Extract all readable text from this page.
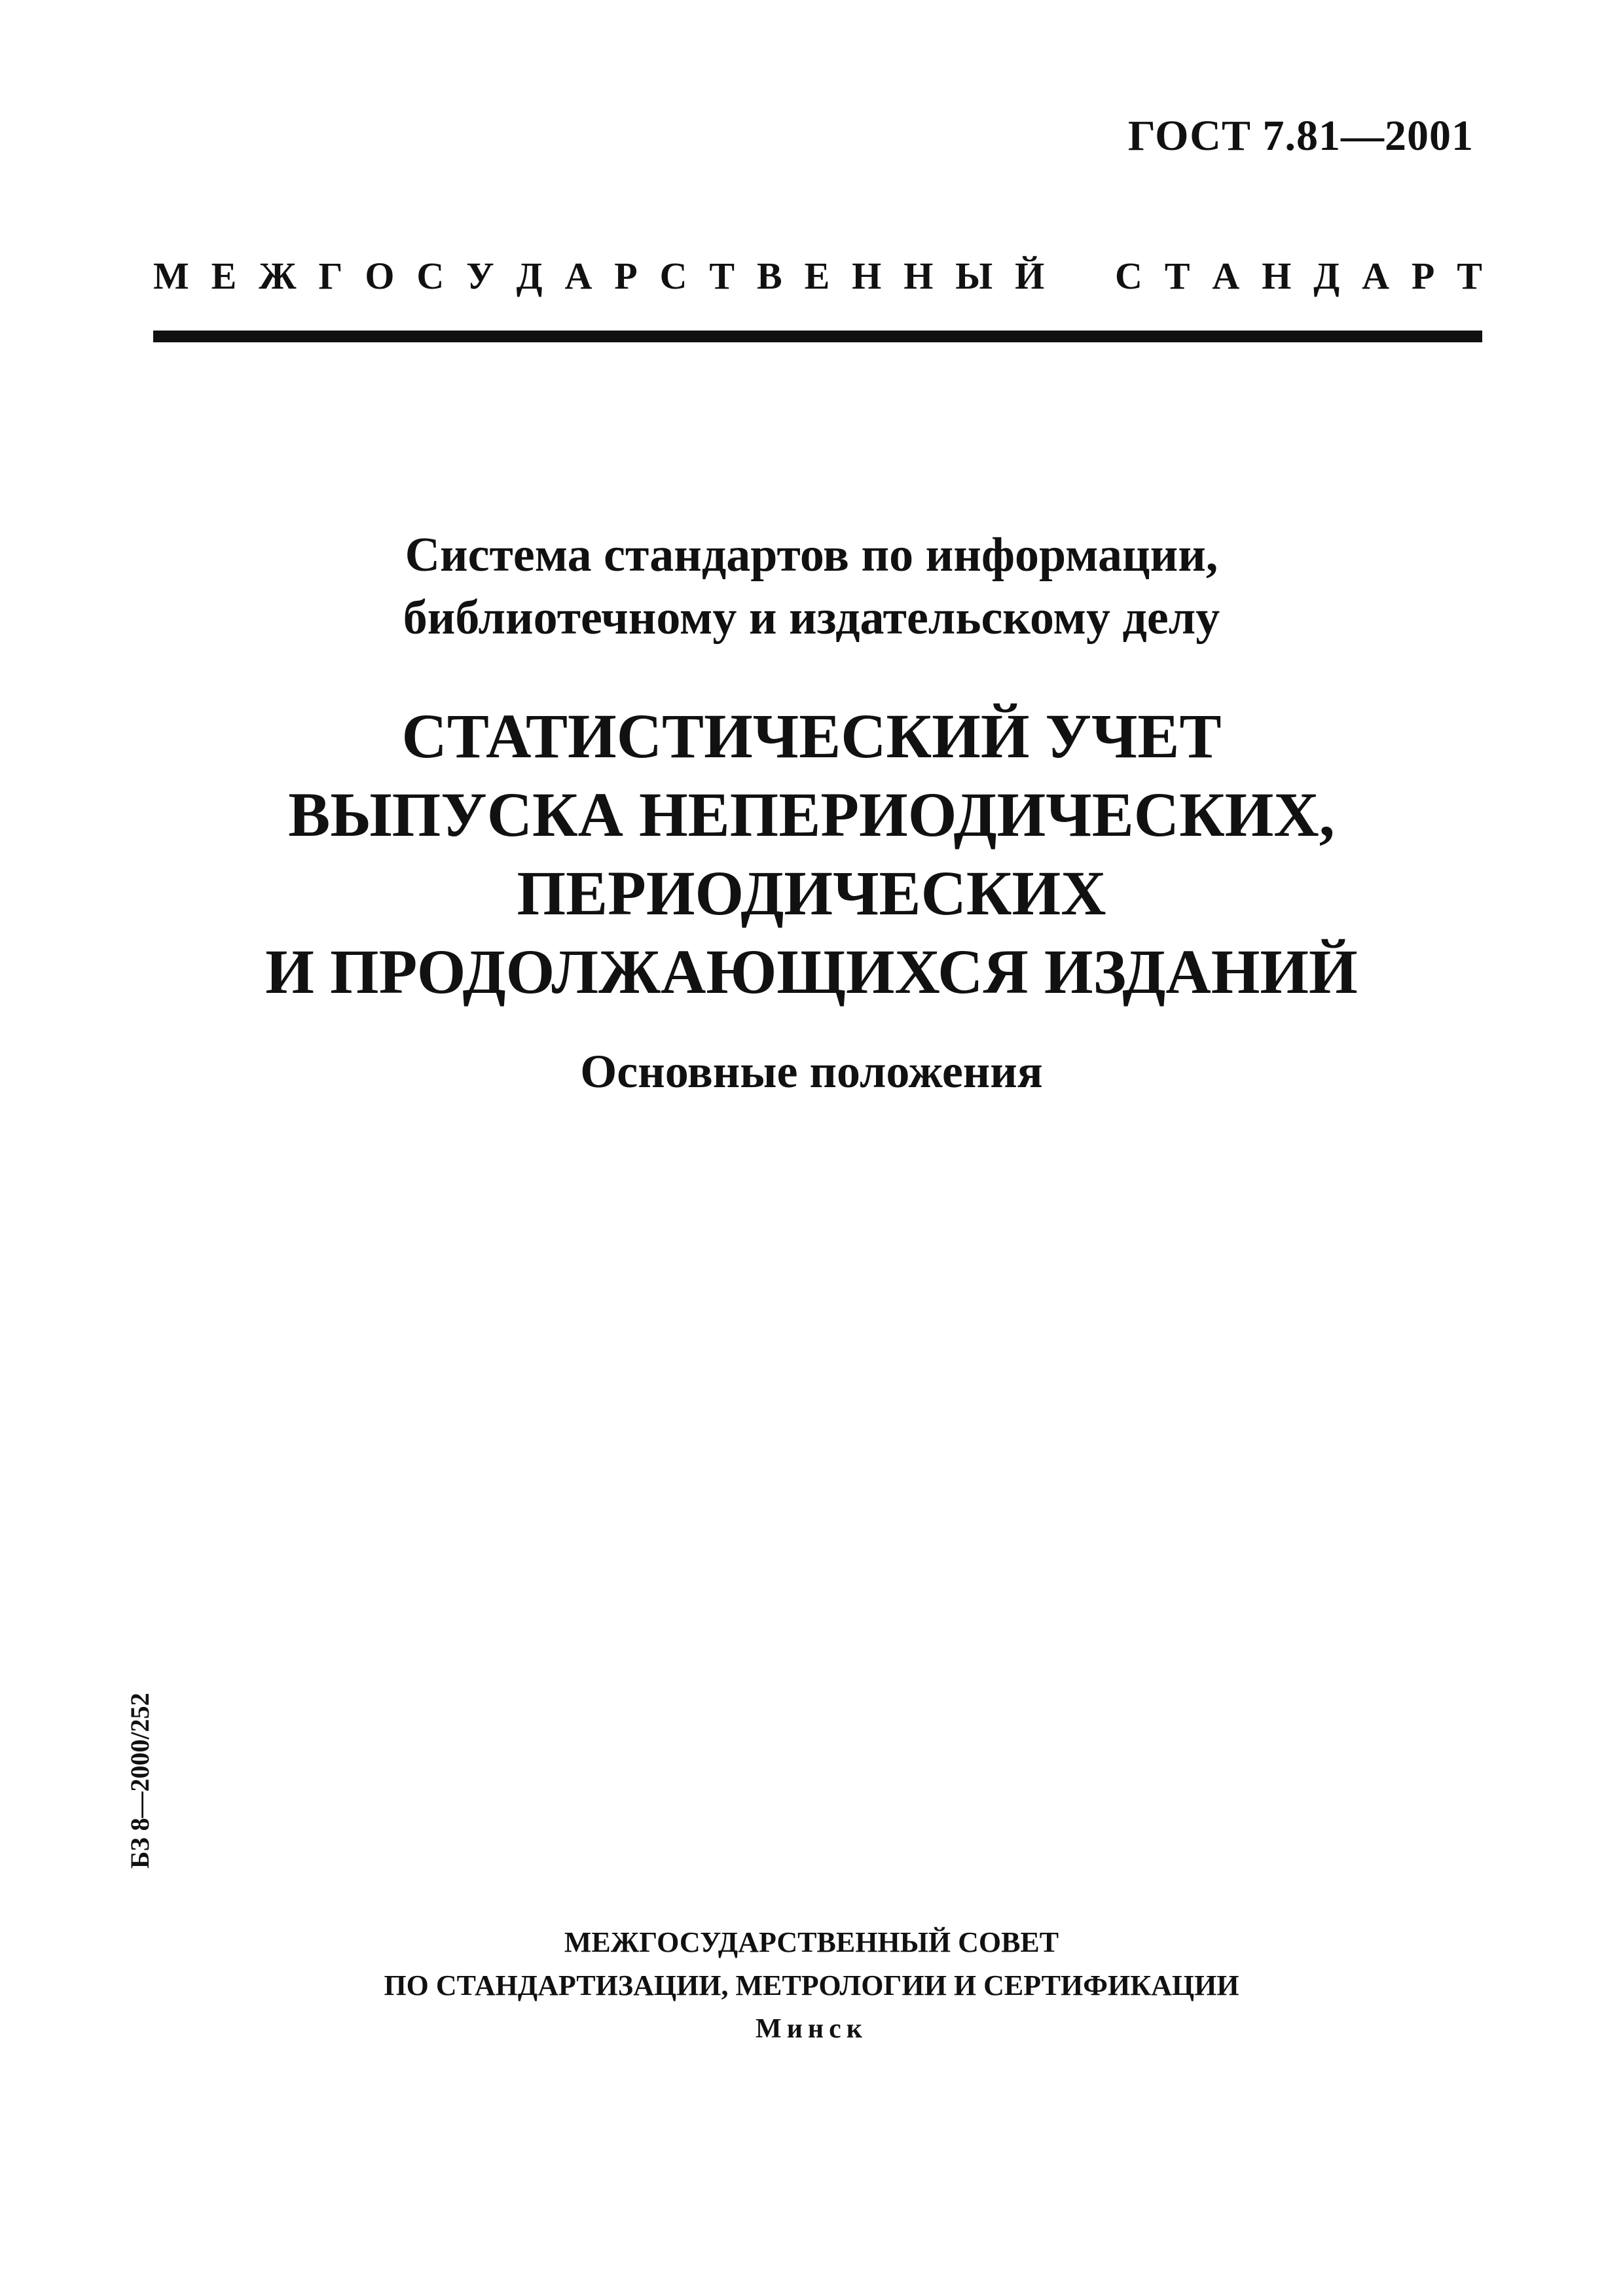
ГОСТ 7.81—2001
М Е Ж Г О С У Д А Р С Т В Е Н Н Ы Й С Т А Н Д А Р Т
Система стандартов по информации,
библиотечному и издательскому делу
СТАТИСТИЧЕСКИЙ УЧЕТ
ВЫПУСКА НЕПЕРИОДИЧЕСКИХ,
ПЕРИОДИЧЕСКИХ
И ПРОДОЛЖАЮЩИХСЯ ИЗДАНИЙ
Основные положения
БЗ 8—2000/252
МЕЖГОСУДАРСТВЕННЫЙ СОВЕТ
ПО СТАНДАРТИЗАЦИИ, МЕТРОЛОГИИ И СЕРТИФИКАЦИИ
Минск
